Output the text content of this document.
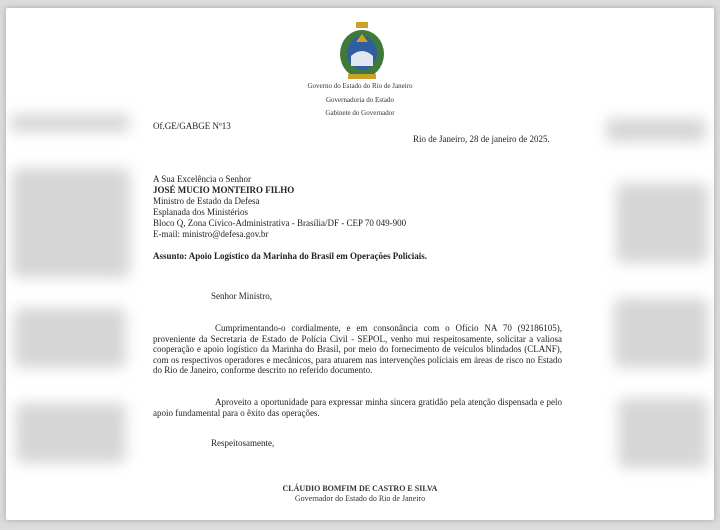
Governo do Estado do Rio de Janeiro
Governadoria do Estado
Gabinete do Governador
Of.GE/GABGE Nº13
Rio de Janeiro, 28 de janeiro de 2025.
A Sua Excelência o Senhor
JOSÉ MUCIO MONTEIRO FILHO
Ministro de Estado da Defesa
Esplanada dos Ministérios
Bloco Q, Zona Cívico-Administrativa - Brasília/DF - CEP 70 049-900
E-mail: ministro@defesa.gov.br
Assunto: Apoio Logístico da Marinha do Brasil em Operações Policiais.
Senhor Ministro,
Cumprimentando-o cordialmente, e em consonância com o Ofício NA 70 (92186105), proveniente da Secretaria de Estado de Polícia Civil - SEPOL, venho mui respeitosamente, solicitar a valiosa cooperação e apoio logístico da Marinha do Brasil, por meio do fornecimento de veículos blindados (CLANF), com os respectivos operadores e mecânicos, para atuarem nas intervenções policiais em áreas de risco no Estado do Rio de Janeiro, conforme descrito no referido documento.
Aproveito a oportunidade para expressar minha sincera gratidão pela atenção dispensada e pelo apoio fundamental para o êxito das operações.
Respeitosamente,
CLÁUDIO BOMFIM DE CASTRO E SILVA
Governador do Estado do Rio de Janeiro
